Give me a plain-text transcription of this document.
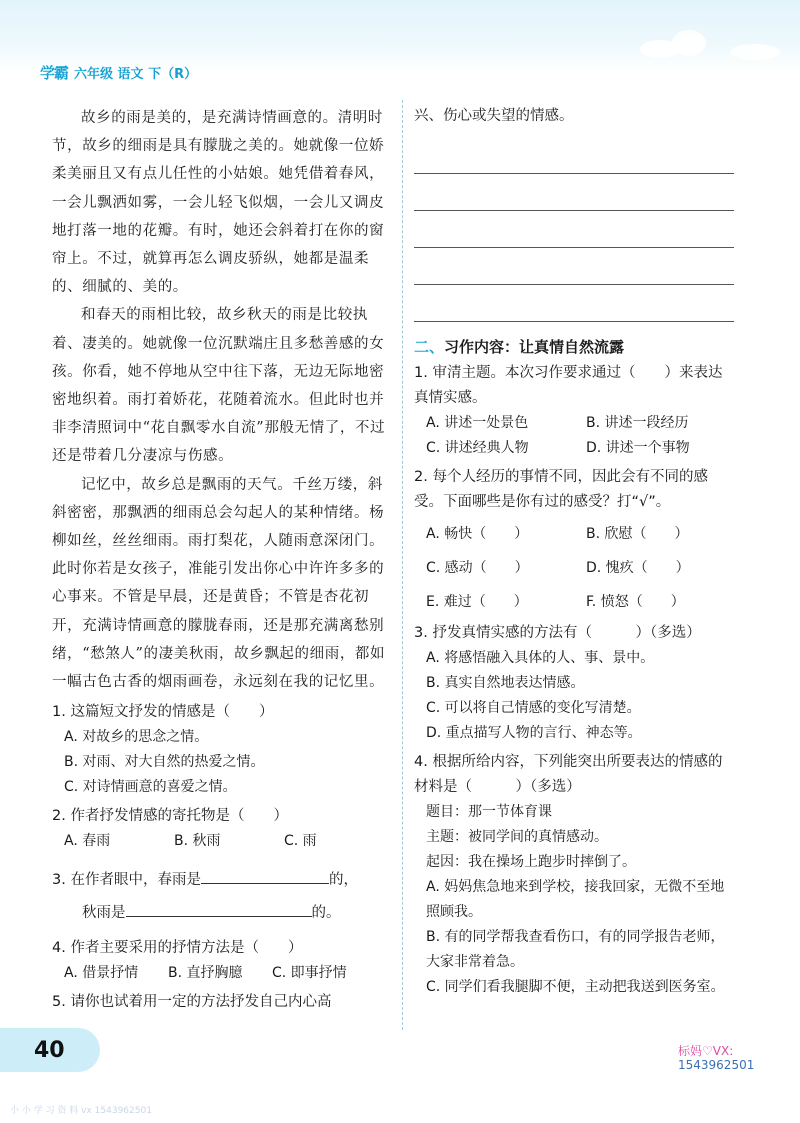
学霸 六年级 语文 下（R）

故乡的雨是美的，是充满诗情画意的。清明时节，故乡的细雨是具有朦胧之美的。她就像一位娇柔美丽且又有点儿任性的小姑娘。她凭借着春风，一会儿飘洒如雾，一会儿轻飞似烟，一会儿又调皮地打落一地的花瓣。有时，她还会斜着打在你的窗帘上。不过，就算再怎么调皮骄纵，她都是温柔的、细腻的、美的。

和春天的雨相比较，故乡秋天的雨是比较执着、凄美的。她就像一位沉默端庄且多愁善感的女孩。你看，她不停地从空中往下落，无边无际地密密地织着。雨打着娇花，花随着流水。但此时也并非李清照词中“花自飘零水自流”那般无情了，不过还是带着几分凄凉与伤感。

记忆中，故乡总是飘雨的天气。千丝万缕，斜斜密密，那飘洒的细雨总会勾起人的某种情绪。杨柳如丝，丝丝细雨。雨打梨花，人随雨意深闭门。此时你若是女孩子，准能引发出你心中许许多多的心事来。不管是早晨，还是黄昏；不管是杏花初开，充满诗情画意的朦胧春雨，还是那充满离愁别绪，“愁煞人”的凄美秋雨，故乡飘起的细雨，都如一幅古色古香的烟雨画卷，永远刻在我的记忆里。

1. 这篇短文抒发的情感是（　　）

A. 对故乡的思念之情。
B. 对雨、对大自然的热爱之情。
C. 对诗情画意的喜爱之情。

2. 作者抒发情感的寄托物是（　　）

A. 春雨	B. 秋雨	C. 雨

3. 在作者眼中，春雨是	的，

秋雨是	的。

4. 作者主要采用的抒情方法是（　　）

A. 借景抒情	B. 直抒胸臆	C. 即事抒情

5. 请你也试着用一定的方法抒发自己内心高

兴、伤心或失望的情感。

二、习作内容：让真情自然流露

1. 审清主题。本次习作要求通过（　　）来表达真情实感。

A. 讲述一处景色	B. 讲述一段经历
C. 讲述经典人物	D. 讲述一个事物

2. 每个人经历的事情不同，因此会有不同的感受。下面哪些是你有过的感受？打“√”。

A. 畅快（　　）	B. 欣慰（　　）
C. 感动（　　）	D. 愧疚（　　）
E. 难过（　　）	F. 愤怒（　　）

3. 抒发真情实感的方法有（　　　）（多选）

A. 将感悟融入具体的人、事、景中。
B. 真实自然地表达情感。
C. 可以将自己情感的变化写清楚。
D. 重点描写人物的言行、神态等。

4. 根据所给内容，下列能突出所要表达的情感的材料是（　　　）（多选）

题目：那一节体育课
主题：被同学间的真情感动。
起因：我在操场上跑步时摔倒了。
A. 妈妈焦急地来到学校，接我回家，无微不至地照顾我。
B. 有的同学帮我查看伤口，有的同学报告老师，大家非常着急。
C. 同学们看我腿脚不便，主动把我送到医务室。
40	标妈♡VX:
1543962501
小 小 学 习 资 料 vx 1543962501
